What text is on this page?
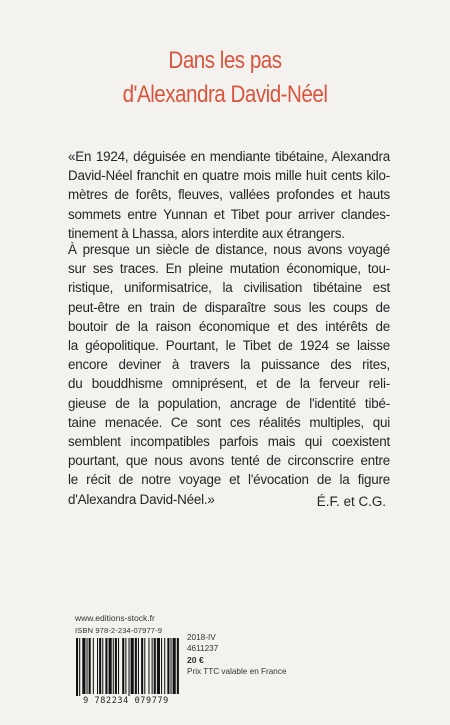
Dans les pas
d'Alexandra David-Néel
«En 1924, déguisée en mendiante tibétaine, Alexandra
David-Néel franchit en quatre mois mille huit cents kilo-
mètres de forêts, fleuves, vallées profondes et hauts
sommets entre Yunnan et Tibet pour arriver clandes-
tinement à Lhassa, alors interdite aux étrangers.
À presque un siècle de distance, nous avons voyagé
sur ses traces. En pleine mutation économique, tou-
ristique, uniformisatrice, la civilisation tibétaine est
peut-être en train de disparaître sous les coups de
boutoir de la raison économique et des intérêts de
la géopolitique. Pourtant, le Tibet de 1924 se laisse
encore deviner à travers la puissance des rites,
du bouddhisme omniprésent, et de la ferveur reli-
gieuse de la population, ancrage de l'identité tibé-
taine menacée. Ce sont ces réalités multiples, qui
semblent incompatibles parfois mais qui coexistent
pourtant, que nous avons tenté de circonscrire entre
le récit de notre voyage et l'évocation de la figure
d'Alexandra David-Néel.»	É.F. et C.G.
www.editions-stock.fr
ISBN 978-2-234-07977-9
9 782234 079779
2018-IV
4611237
20 €
Prix TTC valable en France
